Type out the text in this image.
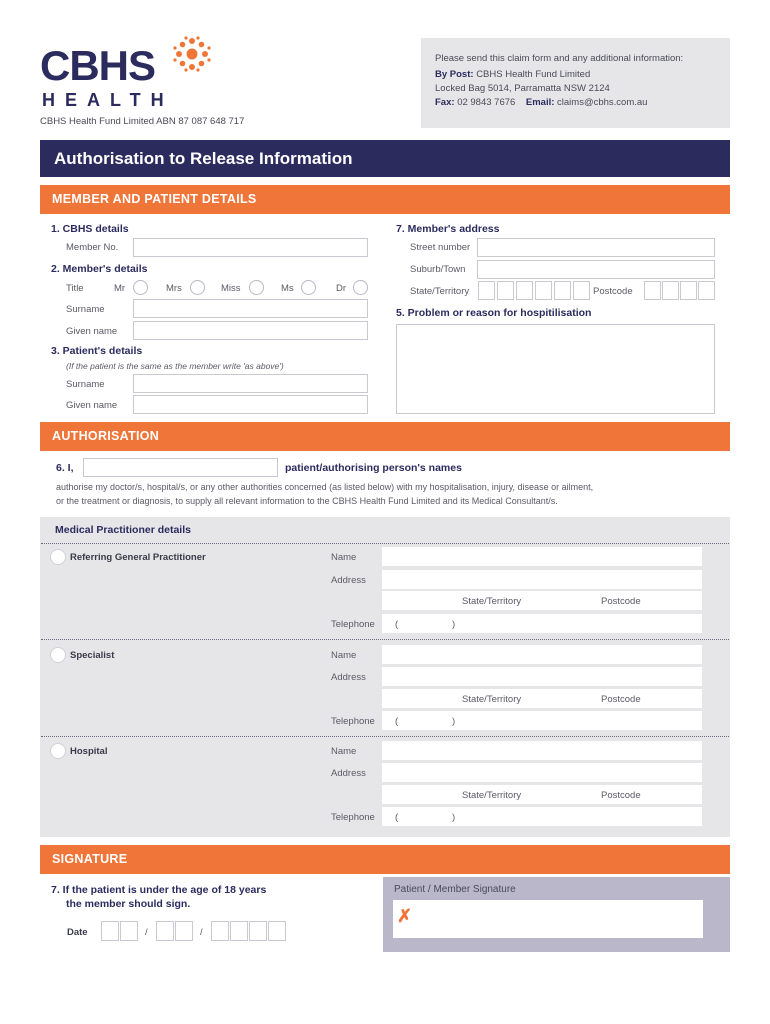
CBHS
HEALTH
CBHS Health Fund Limited ABN 87 087 648 717
Please send this claim form and any additional information:
By Post: CBHS Health Fund Limited
Locked Bag 5014, Parramatta NSW 2124
Fax: 02 9843 7676 Email: claims@cbhs.com.au
Authorisation to Release Information
MEMBER AND PATIENT DETAILS
1. CBHS details
Member No.
2. Member's details
Title	Mr	Mrs	Miss	Ms	Dr
Surname
Given name
3. Patient's details
(If the patient is the same as the member write 'as above')
Surname
Given name
7. Member's address
Street number
Suburb/Town
State/Territory	Postcode
5. Problem or reason for hospitilisation
AUTHORISATION
6. I,	patient/authorising person's names
authorise my doctor/s, hospital/s, or any other authorities concerned (as listed below) with my hospitalisation, injury, disease or ailment,
or the treatment or diagnosis, to supply all relevant information to the CBHS Health Fund Limited and its Medical Consultant/s.
Medical Practitioner details
Referring General Practitioner	Name
Address
State/Territory	Postcode
Telephone (	)
Specialist	Name
Address
State/Territory	Postcode
Telephone (	)
Hospital	Name
Address
State/Territory	Postcode
Telephone (	)
SIGNATURE
7. If the patient is under the age of 18 years
the member should sign.
Date	/	/
Patient / Member Signature
✗
